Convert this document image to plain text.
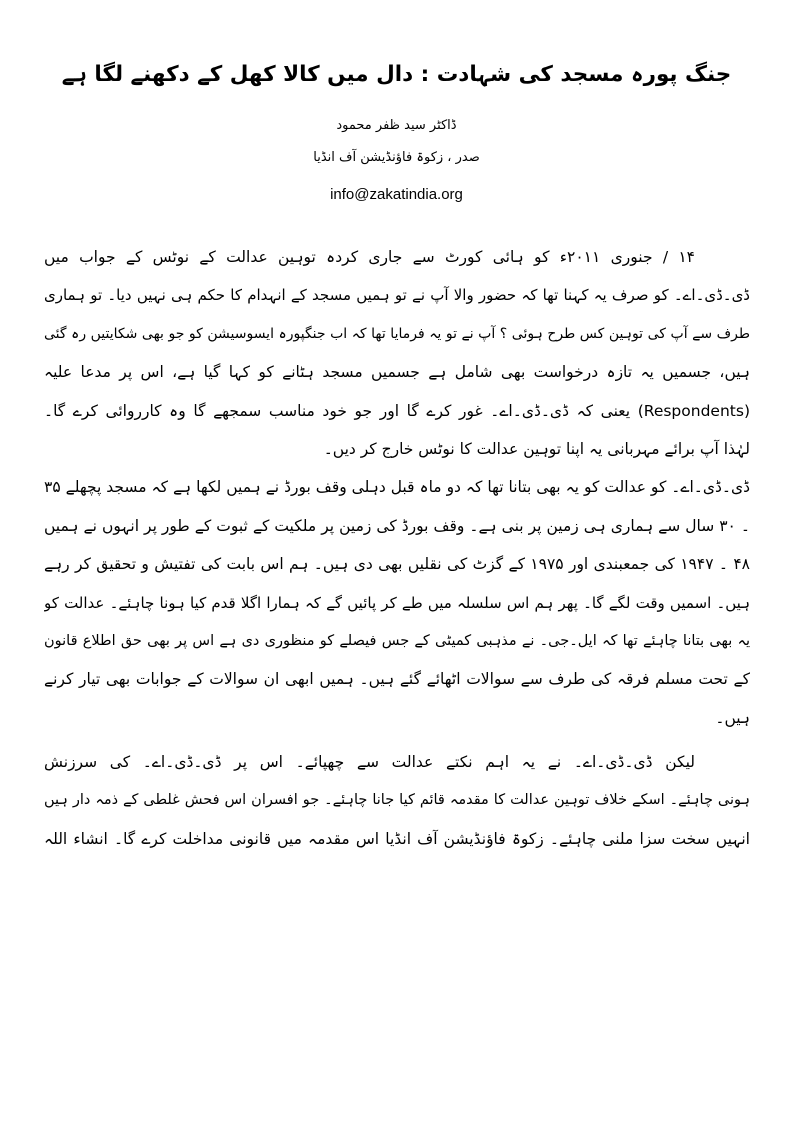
جنگ پورہ مسجد کی شہادت : دال میں کالا کھل کے دکھنے لگا ہے
ڈاکٹر سید ظفر محمود
صدر ، زکوۃ فاؤنڈیشن آف انڈیا
info@zakatindia.org
۱۴ / جنوری ۲۰۱۱ء کو ہائی کورٹ سے جاری کردہ توہین عدالت کے نوٹس کے جواب میں
ڈی۔ڈی۔اے۔ کو صرف یہ کہنا تھا کہ حضور والا آپ نے تو ہمیں مسجد کے انہدام کا حکم ہی نہیں دیا۔ تو ہماری
طرف سے آپ کی توہین کس طرح ہوئی ؟ آپ نے تو یہ فرمایا تھا کہ اب جنگپورہ ایسوسیشن کو جو بھی شکایتیں رہ گئی
ہیں، جسمیں یہ تازہ درخواست بھی شامل ہے جسمیں مسجد ہٹانے کو کہا گیا ہے، اس پر مدعا علیہ
(Respondents) یعنی کہ ڈی۔ڈی۔اے۔ غور کرے گا اور جو خود مناسب سمجھے گا وہ کارروائی کرے گا۔
لہٰذا آپ برائے مہربانی یہ اپنا توہین عدالت کا نوٹس خارج کر دیں۔
ڈی۔ڈی۔اے۔ کو عدالت کو یہ بھی بتانا تھا کہ دو ماہ قبل دہلی وقف بورڈ نے ہمیں لکھا ہے کہ مسجد پچھلے ۳۵
۔ ۳۰ سال سے ہماری ہی زمین پر بنی ہے۔ وقف بورڈ کی زمین پر ملکیت کے ثبوت کے طور پر انہوں نے ہمیں
۴۸ ۔ ۱۹۴۷ کی جمعبندی اور ۱۹۷۵ کے گزٹ کی نقلیں بھی دی ہیں۔ ہم اس بابت کی تفتیش و تحقیق کر رہے
ہیں۔ اسمیں وقت لگے گا۔ پھر ہم اس سلسلہ میں طے کر پائیں گے کہ ہمارا اگلا قدم کیا ہونا چاہئے۔ عدالت کو
یہ بھی بتانا چاہئے تھا کہ ایل۔جی۔ نے مذہبی کمیٹی کے جس فیصلے کو منظوری دی ہے اس پر بھی حق اطلاع قانون
کے تحت مسلم فرقہ کی طرف سے سوالات اٹھائے گئے ہیں۔ ہمیں ابھی ان سوالات کے جوابات بھی تیار کرنے
ہیں۔
لیکن ڈی۔ڈی۔اے۔ نے یہ اہم نکتے عدالت سے چھپائے۔ اس پر ڈی۔ڈی۔اے۔ کی سرزنش
ہونی چاہئے۔ اسکے خلاف توہین عدالت کا مقدمہ قائم کیا جانا چاہئے۔ جو افسران اس فحش غلطی کے ذمہ دار ہیں
انہیں سخت سزا ملنی چاہئے۔ زکوۃ فاؤنڈیشن آف انڈیا اس مقدمہ میں قانونی مداخلت کرے گا۔ انشاء اللہ
